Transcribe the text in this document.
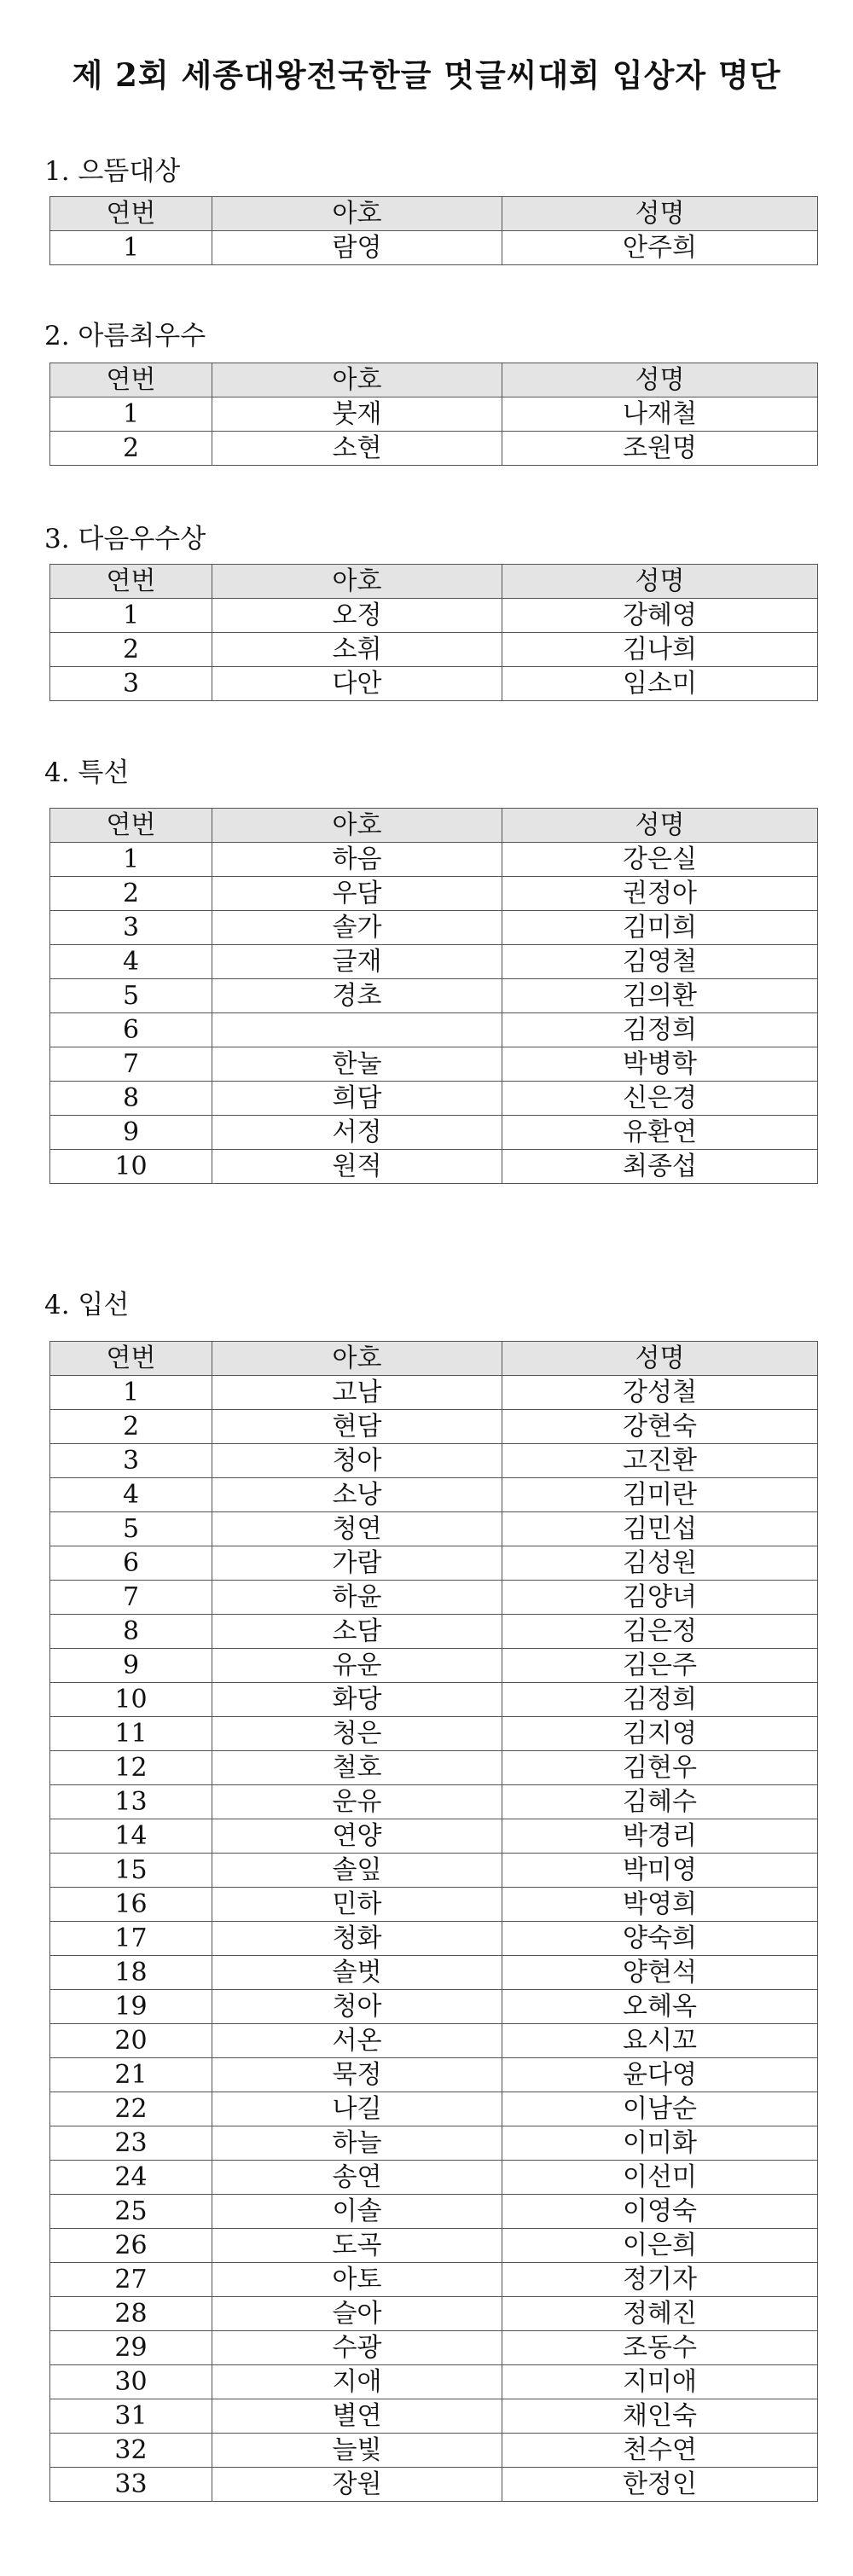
제 2회 세종대왕전국한글 멋글씨대회 입상자 명단
1. 으뜸대상
연번	아호	성명
1	람영	안주희
2. 아름최우수
연번	아호	성명
1	붓재	나재철
2	소현	조원명
3. 다음우수상
연번	아호	성명
1	오정	강혜영
2	소휘	김나희
3	다안	임소미
4. 특선
연번	아호	성명
1	하음	강은실
2	우담	권정아
3	솔가	김미희
4	글재	김영철
5	경초	김의환
6		김정희
7	한눌	박병학
8	희담	신은경
9	서정	유환연
10	원적	최종섭
4. 입선
연번	아호	성명
1	고남	강성철
2	현담	강현숙
3	청아	고진환
4	소낭	김미란
5	청연	김민섭
6	가람	김성원
7	하윤	김양녀
8	소담	김은정
9	유운	김은주
10	화당	김정희
11	청은	김지영
12	철호	김현우
13	운유	김혜수
14	연양	박경리
15	솔잎	박미영
16	민하	박영희
17	청화	양숙희
18	솔벗	양현석
19	청아	오혜옥
20	서온	요시꼬
21	묵정	윤다영
22	나길	이남순
23	하늘	이미화
24	송연	이선미
25	이솔	이영숙
26	도곡	이은희
27	아토	정기자
28	슬아	정혜진
29	수광	조동수
30	지애	지미애
31	별연	채인숙
32	늘빛	천수연
33	장원	한정인
